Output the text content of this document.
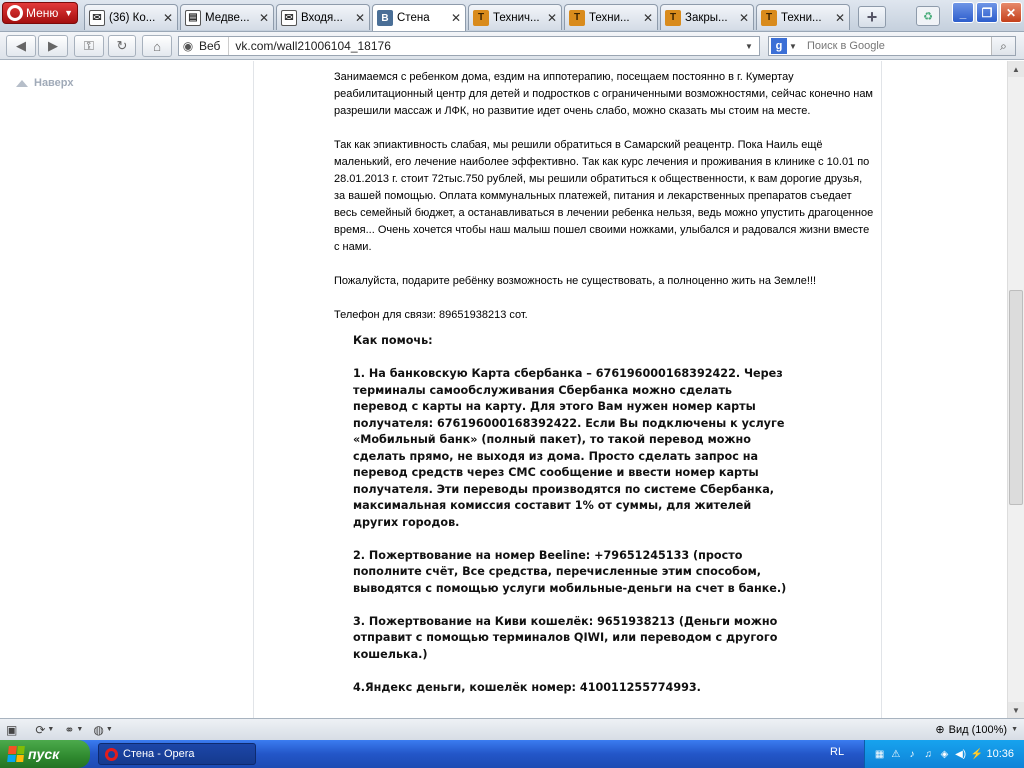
Меню ▼	✉ (36) Ко... ✕	▤ Медве... ✕	✉ Входя...	✕	B Стена	✕	T Технич... ✕	T Техни...	✕	T Закры... ✕	T Техни...	✕	+	♻	_	❐	✕
◀ ▶ ⚿ ↻ ⌂	◉ Веб	vk.com/wall21006104_18176	▼	g ▼ Поиск в Google	⌕
Наверх	Занимаемся с ребенком дома, ездим на иппотерапию, посещаем постоянно в г. Кумертау реабилитационный центр для детей и подростков с ограниченными возможностями, сейчас конечно нам разрешили массаж и ЛФК, но развитие идет очень слабо, можно сказать мы стоим на месте.

Так как эпиактивность слабая, мы решили обратиться в Самарский реацентр. Пока Наиль ещё маленький, его лечение наиболее эффективно. Так как курс лечения и проживания в клинике с 10.01 по 28.01.2013 г. стоит 72тыс.750 рублей, мы решили обратиться к общественности, к вам дорогие друзья, за вашей помощью. Оплата коммунальных платежей, питания и лекарственных препаратов съедает весь семейный бюджет, а останавливаться в лечении ребенка нельзя, ведь можно упустить драгоценное время... Очень хочется чтобы наш малыш пошел своими ножками, улыбался и радовался жизни вместе с нами.

Пожалуйста, подарите ребёнку возможность не существовать, а полноценно жить на Земле!!!

Телефон для связи: 89651938213 сот.

Как помочь:

1. На банковскую Карта сбербанка – 676196000168392422. Через
терминалы самообслуживания Сбербанка можно сделать
перевод с карты на карту. Для этого Вам нужен номер карты
получателя: 676196000168392422. Если Вы подключены к услуге
«Мобильный банк» (полный пакет), то такой перевод можно
сделать прямо, не выходя из дома. Просто сделать запрос на
перевод средств через СМС сообщение и ввести номер карты
получателя. Эти переводы производятся по системе Сбербанка,
максимальная комиссия составит 1% от суммы, для жителей
других городов.

2. Пожертвование на номер Beeline: +79651245133 (просто
пополните счёт, Все средства, перечисленные этим способом,
выводятся с помощью услуги мобильные-деньги на счет в банке.)

3. Пожертвование на Киви кошелёк: 9651938213 (Деньги можно
отправит с помощью терминалов QIWI, или переводом с другого
кошелька.)

4.Яндекс деньги, кошелёк номер: 410011255774993.

▲
▼
▣ ⟳ ▼ ⚭ ▼ ◍ ▼	⊕ Вид (100%) ▼
пуск	Стена - Opera	RL	▦ ⚠ ♪ ♫ ◈ ◀) ⚡ 10:36
